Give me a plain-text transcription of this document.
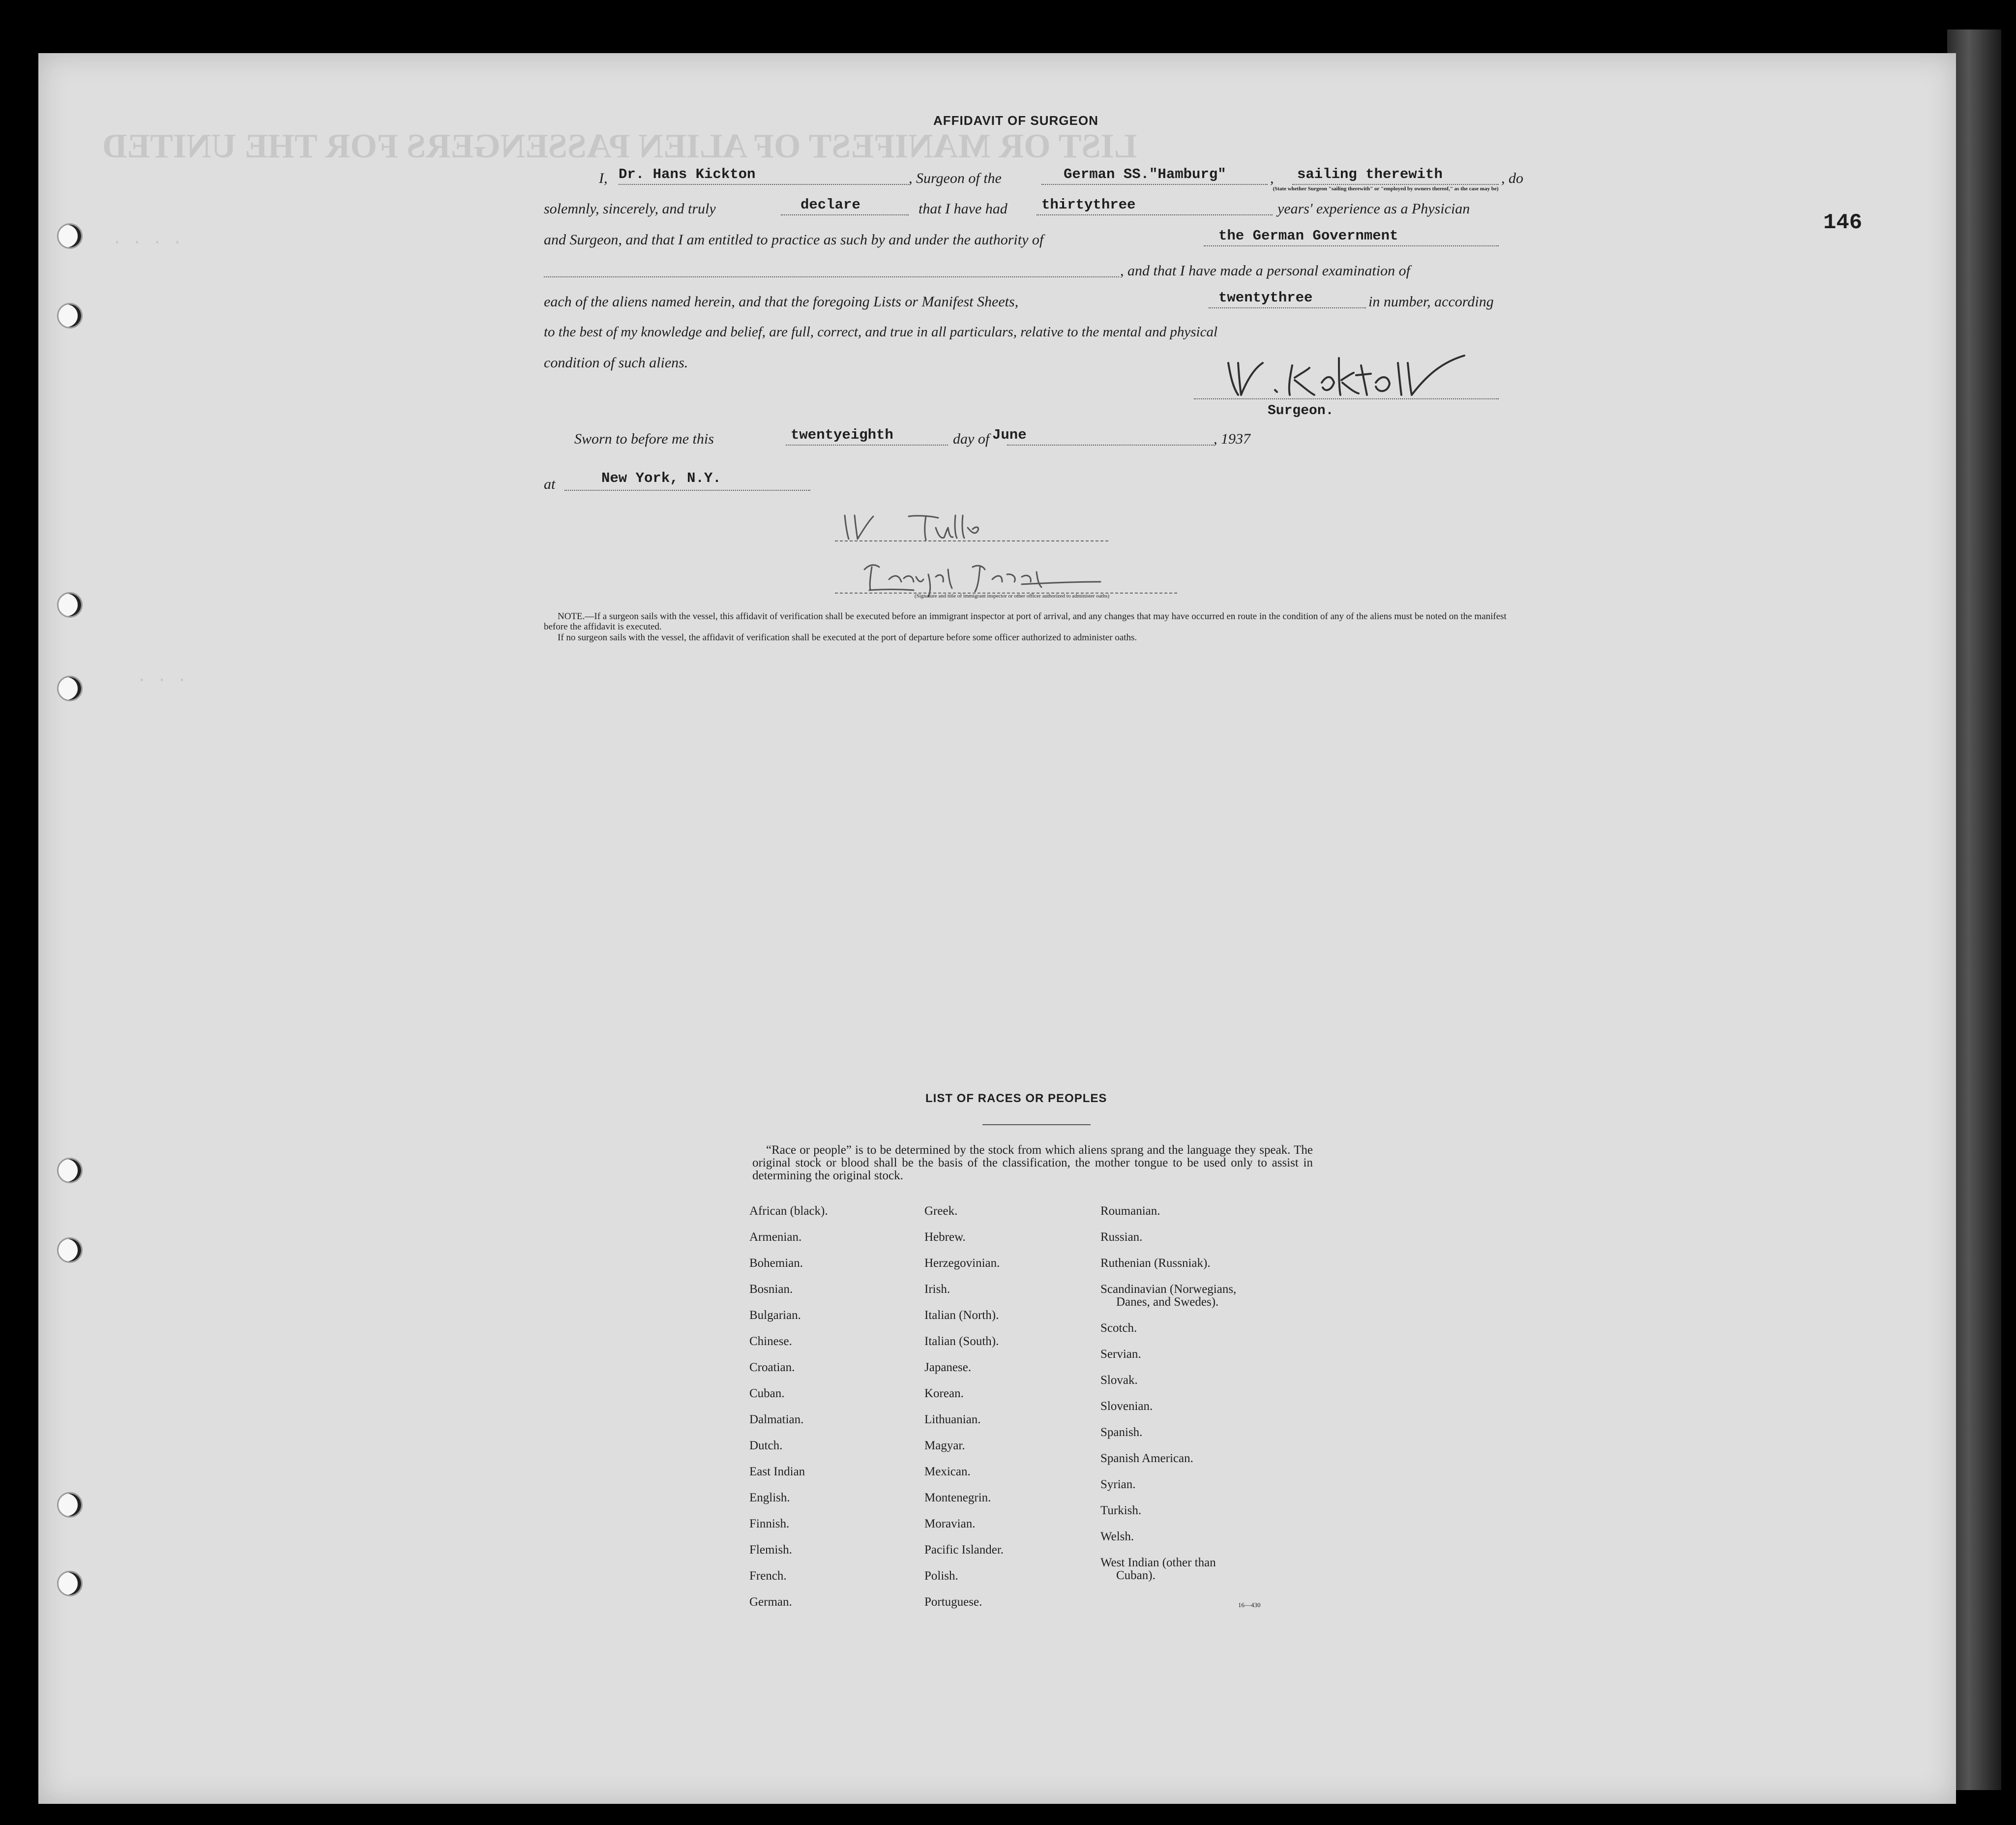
LIST OR MANIFEST OF ALIEN PASSENGERS FOR THE UNITED
. . . .
. . .
146
AFFIDAVIT OF SURGEON
I, Dr. Hans Kickton	, Surgeon of the	German SS."Hamburg"	, sailing therewith	, do
(State whether Surgeon "sailing therewith" or "employed by owners thereof," as the case may be)
solemnly, sincerely, and truly	declare	that I have had thirtythree	years' experience as a Physician
and Surgeon, and that I am entitled to practice as such by and under the authority of	the German Government
, and that I have made a personal examination of
each of the aliens named herein, and that the foregoing Lists or Manifest Sheets,	twentythree	in number, according
to the best of my knowledge and belief, are full, correct, and true in all particulars, relative to the mental and physical
condition of such aliens.
Surgeon.
Sworn to before me this	twentyeighth	day of June	, 1937
at	New York, N.Y.
(Signature and title of immigrant inspector or other officer authorized to administer oaths)
NOTE.—If a surgeon sails with the vessel, this affidavit of verification shall be executed before an immigrant inspector at port of arrival, and any changes that may have occurred en route in the condition of any of the aliens must be noted on the manifest before the affidavit is executed.
If no surgeon sails with the vessel, the affidavit of verification shall be executed at the port of departure before some officer authorized to administer oaths.
LIST OF RACES OR PEOPLES
“Race or people” is to be determined by the stock from which aliens sprang and the language they speak. The original stock or blood shall be the basis of the classification, the mother tongue to be used only to assist in determining the original stock.
African (black).
Armenian.
Bohemian.
Bosnian.
Bulgarian.
Chinese.
Croatian.
Cuban.
Dalmatian.
Dutch.
East Indian
English.
Finnish.
Flemish.
French.
German.
Greek.
Hebrew.
Herzegovinian.
Irish.
Italian (North).
Italian (South).
Japanese.
Korean.
Lithuanian.
Magyar.
Mexican.
Montenegrin.
Moravian.
Pacific Islander.
Polish.
Portuguese.
Roumanian.
Russian.
Ruthenian (Russniak).
Scandinavian (Norwegians,
Danes, and Swedes).
Scotch.
Servian.
Slovak.
Slovenian.
Spanish.
Spanish American.
Syrian.
Turkish.
Welsh.
West Indian (other than
Cuban).
16—430
